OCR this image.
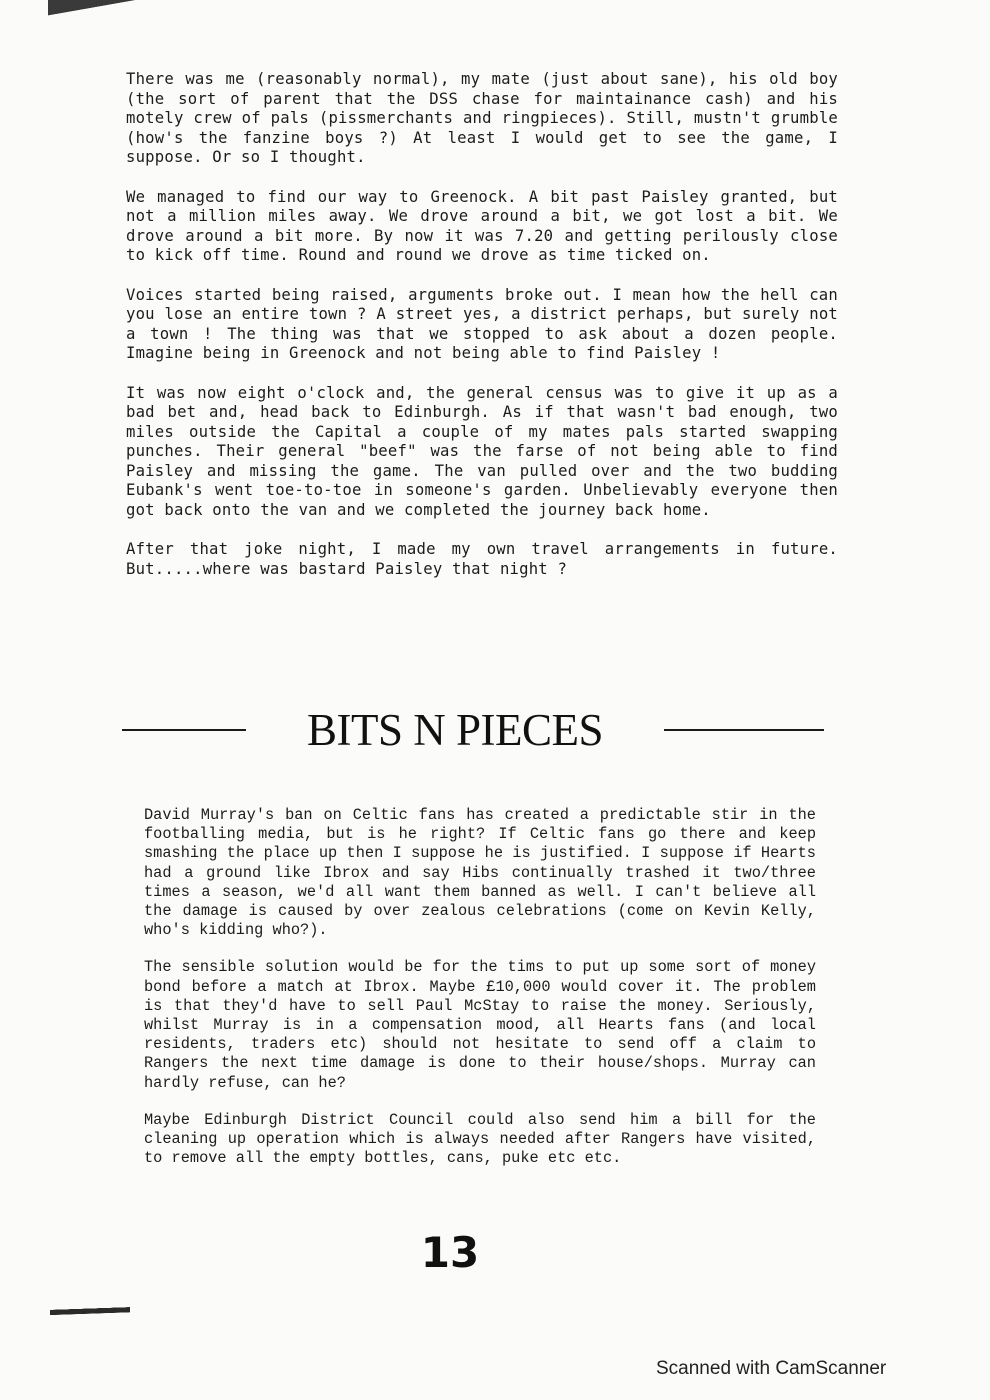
There was me (reasonably normal), my mate (just about sane), his old boy (the sort of parent that the DSS chase for maintainance cash) and his motely crew of pals (pissmerchants and ringpieces). Still, mustn't grumble (how's the fanzine boys ?) At least I would get to see the game, I suppose. Or so I thought.

We managed to find our way to Greenock. A bit past Paisley granted, but not a million miles away. We drove around a bit, we got lost a bit. We drove around a bit more. By now it was 7.20 and getting perilously close to kick off time. Round and round we drove as time ticked on.

Voices started being raised, arguments broke out. I mean how the hell can you lose an entire town ? A street yes, a district perhaps, but surely not a town ! The thing was that we stopped to ask about a dozen people. Imagine being in Greenock and not being able to find Paisley !

It was now eight o'clock and, the general census was to give it up as a bad bet and, head back to Edinburgh. As if that wasn't bad enough, two miles outside the Capital a couple of my mates pals started swapping punches. Their general "beef" was the farse of not being able to find Paisley and missing the game. The van pulled over and the two budding Eubank's went toe-to-toe in someone's garden. Unbelievably everyone then got back onto the van and we completed the journey back home.

After that joke night, I made my own travel arrangements in future. But.....where was bastard Paisley that night ?

BITS N PIECES

David Murray's ban on Celtic fans has created a predictable stir in the footballing media, but is he right? If Celtic fans go there and keep smashing the place up then I suppose he is justified. I suppose if Hearts had a ground like Ibrox and say Hibs continually trashed it two/three times a season, we'd all want them banned as well. I can't believe all the damage is caused by over zealous celebrations (come on Kevin Kelly, who's kidding who?).

The sensible solution would be for the tims to put up some sort of money bond before a match at Ibrox. Maybe £10,000 would cover it. The problem is that they'd have to sell Paul McStay to raise the money. Seriously, whilst Murray is in a compensation mood, all Hearts fans (and local residents, traders etc) should not hesitate to send off a claim to Rangers the next time damage is done to their house/shops. Murray can hardly refuse, can he?

Maybe Edinburgh District Council could also send him a bill for the cleaning up operation which is always needed after Rangers have visited, to remove all the empty bottles, cans, puke etc etc.

13
Scanned with CamScanner
